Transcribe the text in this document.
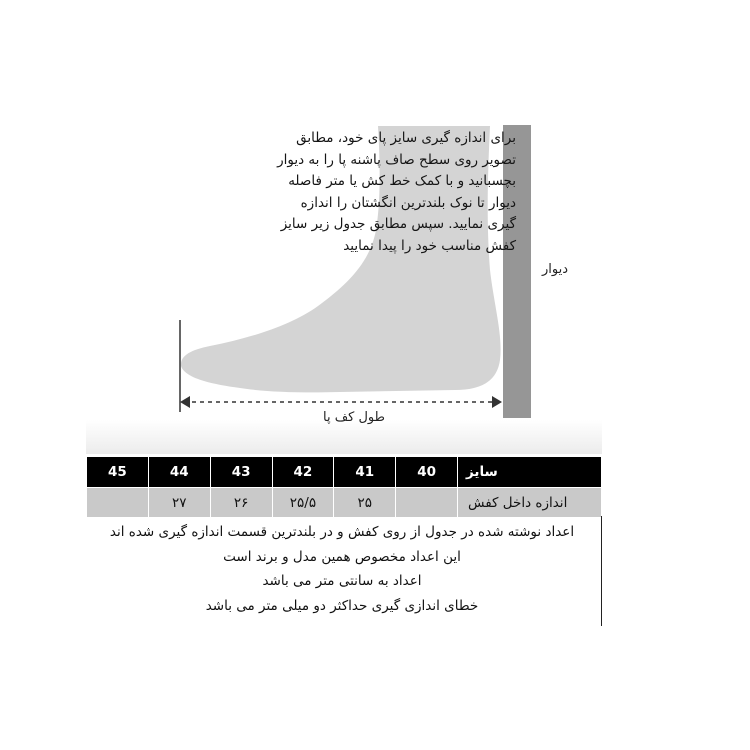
برای اندازه گیری سایز پای خود، مطابق
تصویر روی سطح صاف پاشنه پا را به دیوار
بچسبانید و با کمک خط کش یا متر فاصله
دیوار تا نوک بلندترین انگشتان را اندازه
گیری نمایید. سپس مطابق جدول زیر سایز
کفش مناسب خود را پیدا نمایید
دیوار
طول کف پا
سایز	40	41	42	43	44	45
اندازه داخل کفش		۲۵	۲۵/۵	۲۶	۲۷	
اعداد نوشته شده در جدول از روی کفش و در بلندترین قسمت اندازه گیری شده اند
این اعداد مخصوص همین مدل و برند است
اعداد به سانتی متر می باشد
خطای اندازی گیری حداکثر دو میلی متر می باشد
